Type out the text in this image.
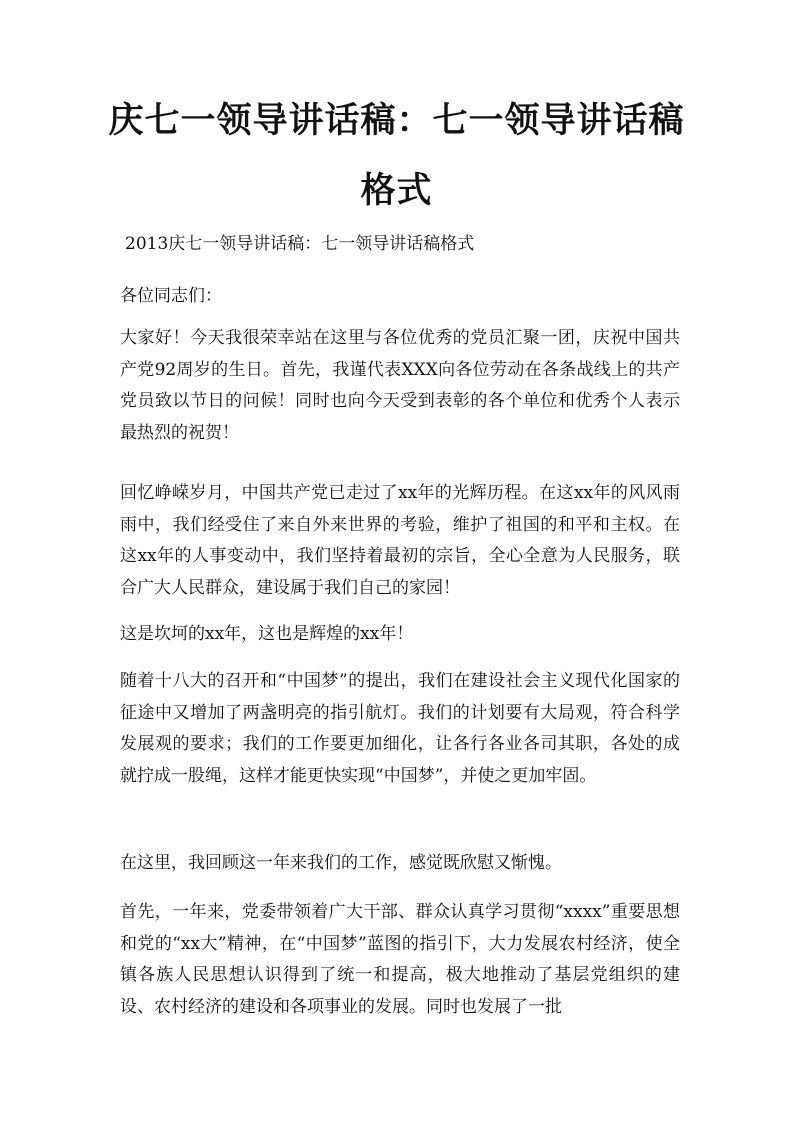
庆七一领导讲话稿：七一领导讲话稿格式
2013庆七一领导讲话稿：七一领导讲话稿格式
各位同志们：
大家好！今天我很荣幸站在这里与各位优秀的党员汇聚一团，庆祝中国共产党92周岁的生日。首先，我谨代表XXX向各位劳动在各条战线上的共产党员致以节日的问候！同时也向今天受到表彰的各个单位和优秀个人表示最热烈的祝贺！
回忆峥嵘岁月，中国共产党已走过了xx年的光辉历程。在这xx年的风风雨雨中，我们经受住了来自外来世界的考验，维护了祖国的和平和主权。在这xx年的人事变动中，我们坚持着最初的宗旨，全心全意为人民服务，联合广大人民群众，建设属于我们自己的家园！
这是坎坷的xx年，这也是辉煌的xx年！
随着十八大的召开和“中国梦”的提出，我们在建设社会主义现代化国家的征途中又增加了两盏明亮的指引航灯。我们的计划要有大局观，符合科学发展观的要求；我们的工作要更加细化，让各行各业各司其职，各处的成就拧成一股绳，这样才能更快实现“中国梦”，并使之更加牢固。
在这里，我回顾这一年来我们的工作，感觉既欣慰又惭愧。
首先，一年来，党委带领着广大干部、群众认真学习贯彻“xxxx”重要思想和党的“xx大”精神，在“中国梦”蓝图的指引下，大力发展农村经济，使全镇各族人民思想认识得到了统一和提高，极大地推动了基层党组织的建设、农村经济的建设和各项事业的发展。同时也发展了一批
